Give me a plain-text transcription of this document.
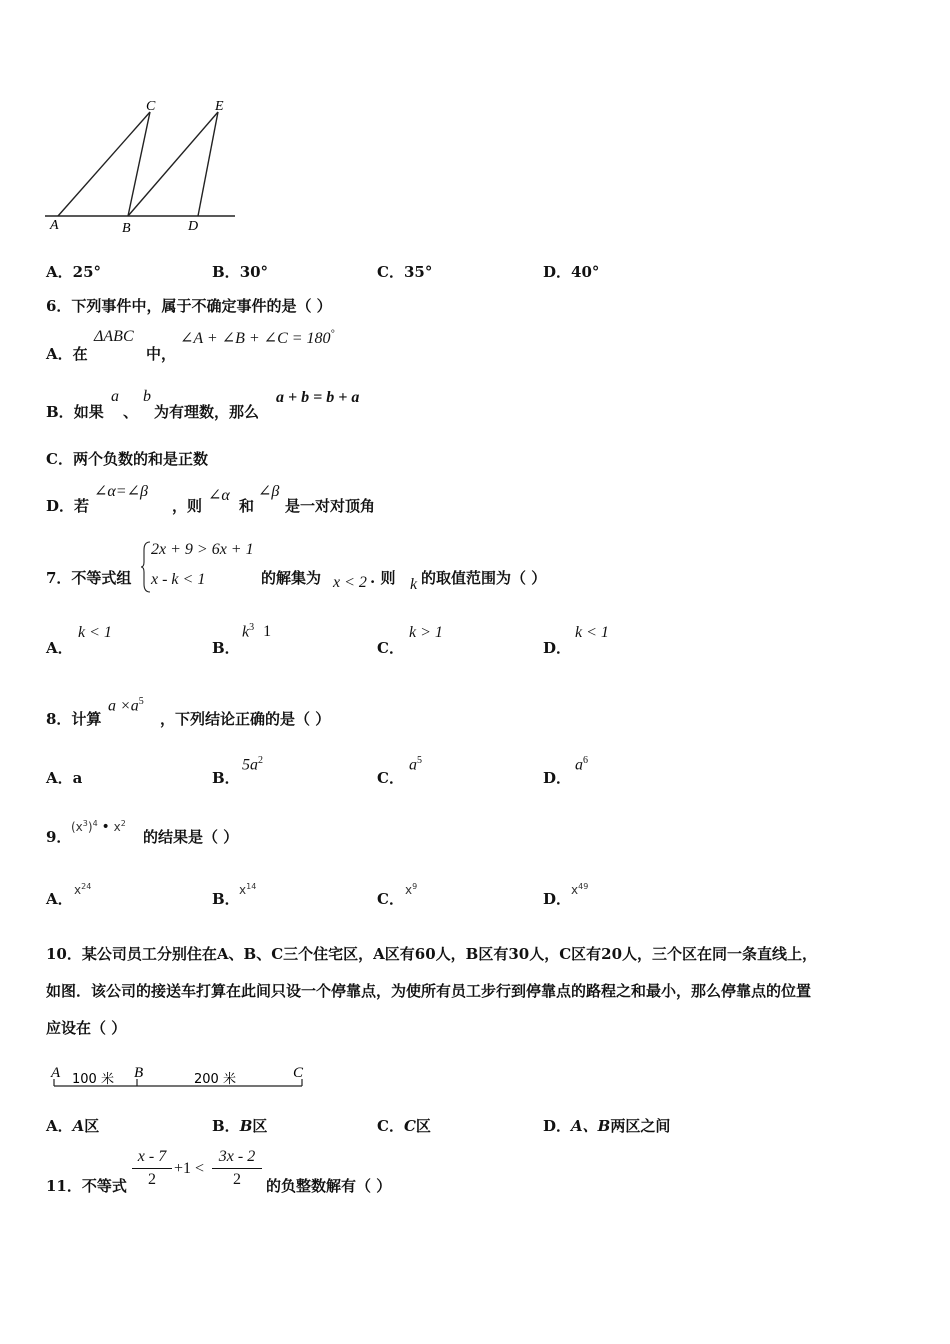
A	B
C
D
E
A．25°	B．30°	C．35°	D．40°
6．下列事件中，属于不确定事件的是（ ）
A．在
ΔABC
中，
∠A + ∠B + ∠C = 180°
B．如果
a
、
b
为有理数，那么
a + b = b + a
C．两个负数的和是正数
D．若
∠α=∠β
，则
∠α
和
∠β
是一对对顶角
7．不等式组
2x + 9 > 6x + 1
x - k < 1	的解集为 x < 2 . 则 k 的取值范围为（ ）
A．
k < 1
B．
$k^3$ 1
C．
k > 1
D．
k < 1
8．计算
$a \times a^5$
，下列结论正确的是（ ）
A．a	B．
$5a^2$
C．
$a^5$
D．
$a^6$
9．
$(x^3)^4$ • $x^2$
的结果是（ ）
A． $x^{24}$
B． $x^{14}$
C． $x^9$
D． $x^{49}$
10．某公司员工分别住在A、B、C三个住宅区，A区有60人，B区有30人，C区有20人，三个区在同一条直线上，
如图．该公司的接送车打算在此间只设一个停靠点，为使所有员工步行到停靠点的路程之和最小，那么停靠点的位置
应设在（ ）
A 100 米 B	200 米	C
A．A区	B．B区	C．C区	D．A、B两区之间
11．不等式
x - 7
2
+1 <
3x - 2
2	的负整数解有（ ）
